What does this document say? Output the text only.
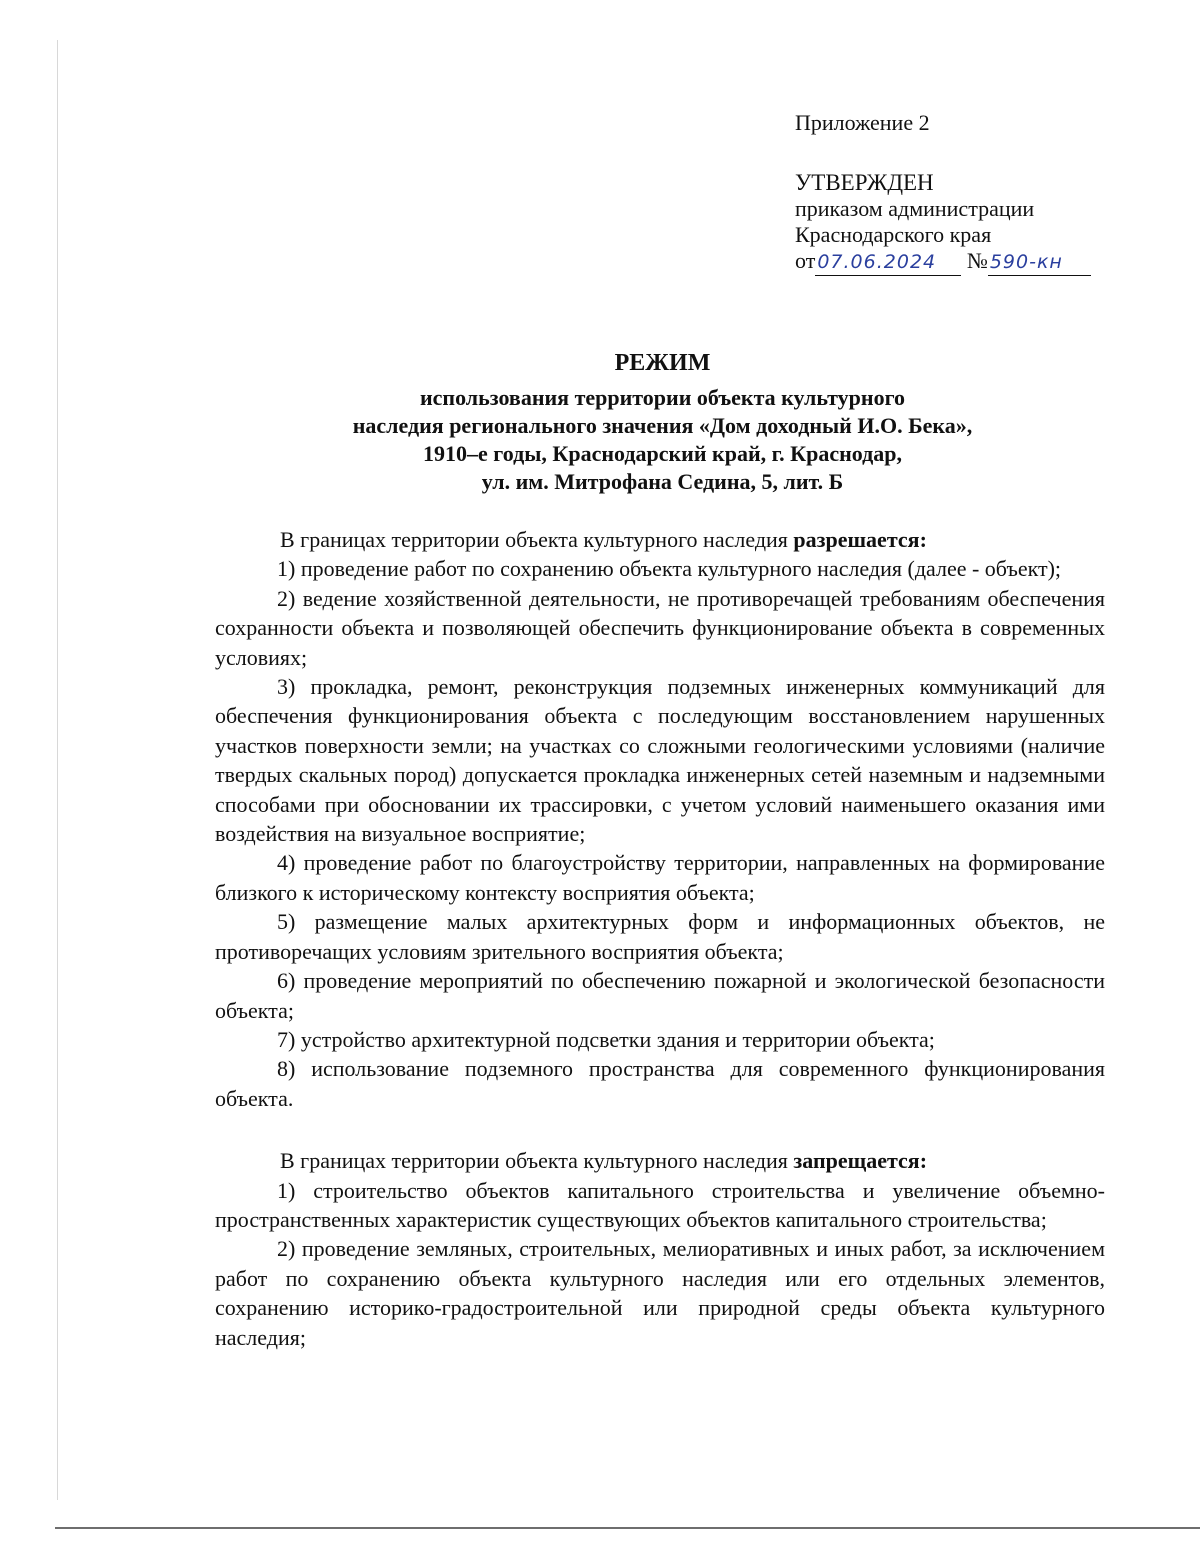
Приложение 2
УТВЕРЖДЕН
приказом администрации
Краснодарского края
от 07.06.2024 № 590-кн
РЕЖИМ
использования территории объекта культурного
наследия регионального значения «Дом доходный И.О. Бека»,
1910–е годы, Краснодарский край, г. Краснодар,
ул. им. Митрофана Седина, 5, лит. Б

В границах территории объекта культурного наследия разрешается:

1) проведение работ по сохранению объекта культурного наследия (далее - объект);

2) ведение хозяйственной деятельности, не противоречащей требованиям обеспечения сохранности объекта и позволяющей обеспечить функционирование объекта в современных условиях;

3) прокладка, ремонт, реконструкция подземных инженерных коммуникаций для обеспечения функционирования объекта с последующим восстановлением нарушенных участков поверхности земли; на участках со сложными геологическими условиями (наличие твердых скальных пород) допускается прокладка инженерных сетей наземным и надземными способами при обосновании их трассировки, с учетом условий наименьшего оказания ими воздействия на визуальное восприятие;

4) проведение работ по благоустройству территории, направленных на формирование близкого к историческому контексту восприятия объекта;

5) размещение малых архитектурных форм и информационных объектов, не противоречащих условиям зрительного восприятия объекта;

6) проведение мероприятий по обеспечению пожарной и экологической безопасности объекта;

7) устройство архитектурной подсветки здания и территории объекта;

8) использование подземного пространства для современного функционирования объекта.

В границах территории объекта культурного наследия запрещается:

1) строительство объектов капитального строительства и увеличение объемно-пространственных характеристик существующих объектов капитального строительства;

2) проведение земляных, строительных, мелиоративных и иных работ, за исключением работ по сохранению объекта культурного наследия или его отдельных элементов, сохранению историко-градостроительной или природной среды объекта культурного наследия;
